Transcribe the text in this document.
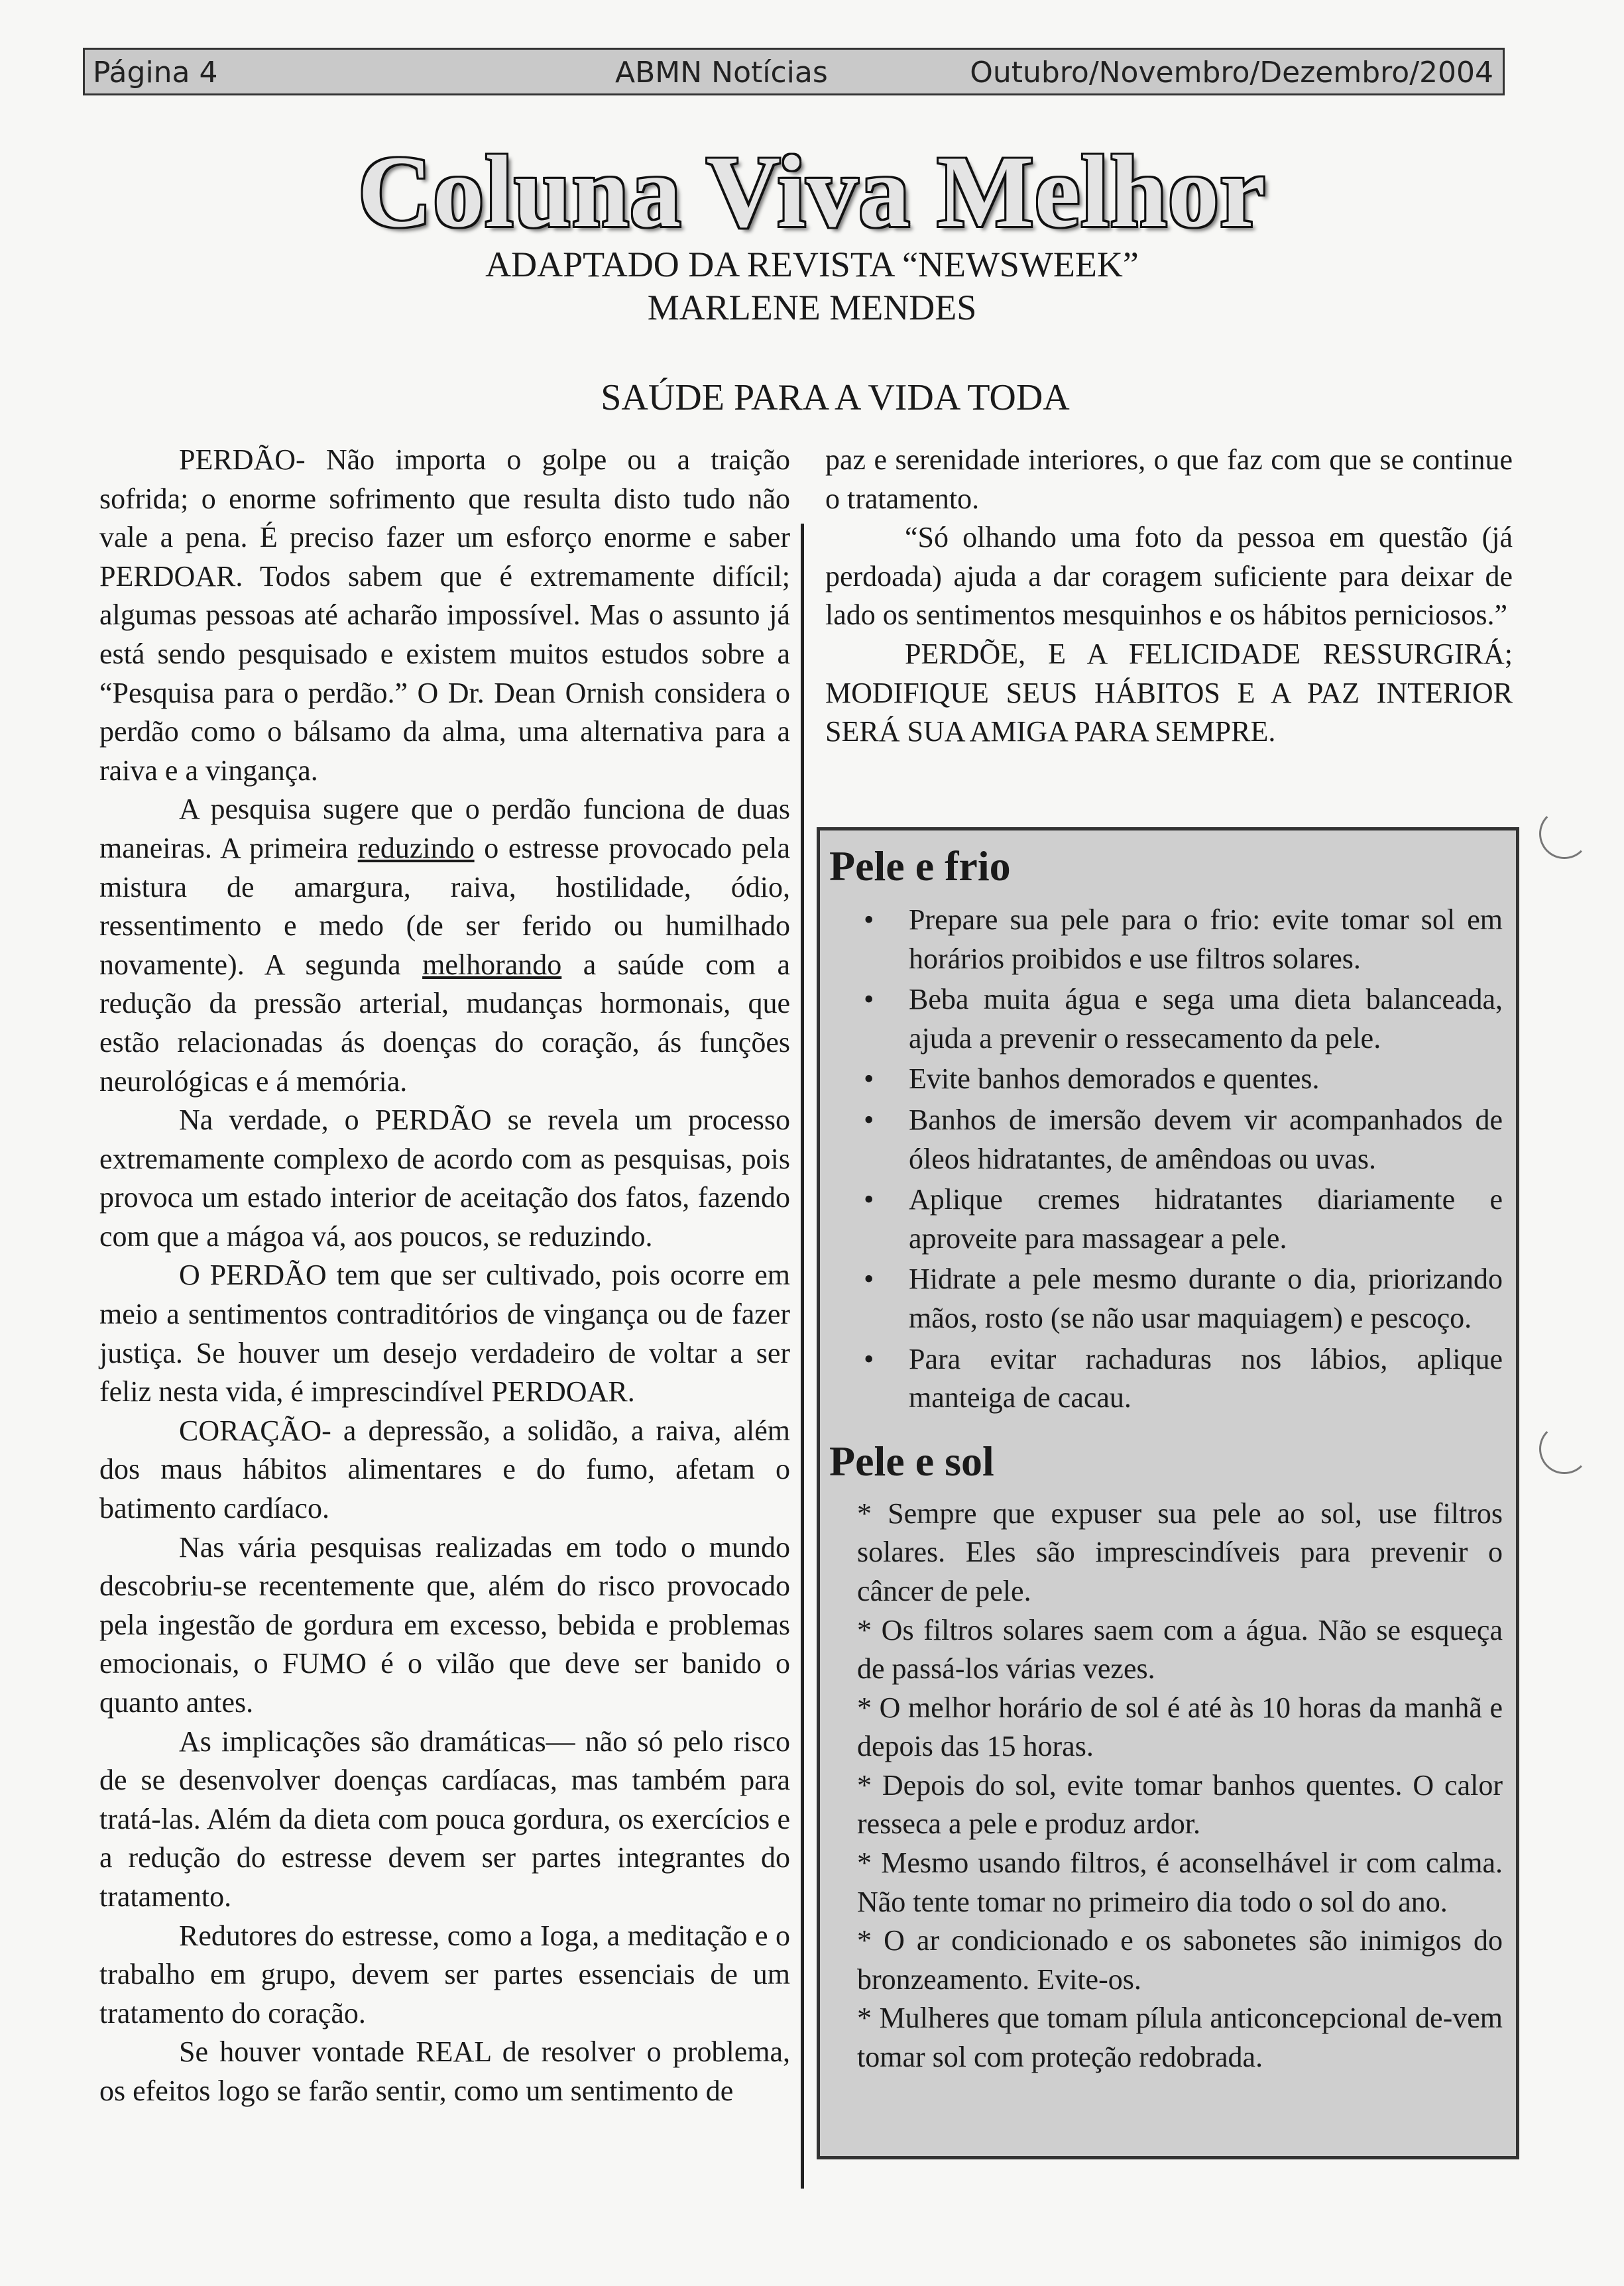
Página 4	ABMN Notícias	Outubro/Novembro/Dezembro/2004
Coluna Viva Melhor
ADAPTADO DA REVISTA “NEWSWEEK”
MARLENE MENDES
SAÚDE PARA A VIDA TODA

PERDÃO- Não importa o golpe ou a traição sofrida; o enorme sofrimento que resulta disto tudo não vale a pena. É preciso fazer um esforço enorme e saber PERDOAR. Todos sabem que é extremamente difícil; algumas pessoas até acharão impossível. Mas o assunto já está sendo pesquisado e existem muitos estudos sobre a “Pesquisa para o perdão.” O Dr. Dean Ornish considera o perdão como o bálsamo da alma, uma alternativa para a raiva e a vingança.

A pesquisa sugere que o perdão funciona de duas maneiras. A primeira reduzindo o estresse provocado pela mistura de amargura, raiva, hostilidade, ódio, ressentimento e medo (de ser ferido ou humilhado novamente). A segunda melhorando a saúde com a redução da pressão arterial, mudanças hormonais, que estão relacionadas ás doenças do coração, ás funções neurológicas e á memória.

Na verdade, o PERDÃO se revela um processo extremamente complexo de acordo com as pesquisas, pois provoca um estado interior de aceitação dos fatos, fazendo com que a mágoa vá, aos poucos, se reduzindo.

O PERDÃO tem que ser cultivado, pois ocorre em meio a sentimentos contraditórios de vingança ou de fazer justiça. Se houver um desejo verdadeiro de voltar a ser feliz nesta vida, é imprescindível PERDOAR.

CORAÇÃO- a depressão, a solidão, a raiva, além dos maus hábitos alimentares e do fumo, afetam o batimento cardíaco.

Nas vária pesquisas realizadas em todo o mundo descobriu-se recentemente que, além do risco provocado pela ingestão de gordura em excesso, bebida e problemas emocionais, o FUMO é o vilão que deve ser banido o quanto antes.

As implicações são dramáticas— não só pelo risco de se desenvolver doenças cardíacas, mas também para tratá-las. Além da dieta com pouca gordura, os exercícios e a redução do estresse devem ser partes integrantes do tratamento.

Redutores do estresse, como a Ioga, a meditação e o trabalho em grupo, devem ser partes essenciais de um tratamento do coração.

Se houver vontade REAL de resolver o problema, os efeitos logo se farão sentir, como um sentimento de

paz e serenidade interiores, o que faz com que se continue o tratamento.

“Só olhando uma foto da pessoa em questão (já perdoada) ajuda a dar coragem suficiente para deixar de lado os sentimentos mesquinhos e os hábitos perniciosos.”

PERDÕE, E A FELICIDADE RESSURGIRÁ; MODIFIQUE SEUS HÁBITOS E A PAZ INTERIOR SERÁ SUA AMIGA PARA SEMPRE.

Pele e frio
• Prepare sua pele para o frio: evite tomar sol em horários proibidos e use filtros solares.
• Beba muita água e sega uma dieta balanceada, ajuda a prevenir o ressecamento da pele.
• Evite banhos demorados e quentes.
• Banhos de imersão devem vir acompanhados de óleos hidratantes, de amêndoas ou uvas.
• Aplique cremes hidratantes diariamente e aproveite para massagear a pele.
• Hidrate a pele mesmo durante o dia, priorizando mãos, rosto (se não usar maquiagem) e pescoço.
• Para evitar rachaduras nos lábios, aplique manteiga de cacau.
Pele e sol

* Sempre que expuser sua pele ao sol, use filtros solares. Eles são imprescindíveis para prevenir o câncer de pele.

* Os filtros solares saem com a água. Não se esqueça de passá-los várias vezes.

* O melhor horário de sol é até às 10 horas da manhã e depois das 15 horas.

* Depois do sol, evite tomar banhos quentes. O calor resseca a pele e produz ardor.

* Mesmo usando filtros, é aconselhável ir com calma. Não tente tomar no primeiro dia todo o sol do ano.

* O ar condicionado e os sabonetes são inimigos do bronzeamento. Evite-os.

* Mulheres que tomam pílula anticoncepcional de-vem tomar sol com proteção redobrada.
